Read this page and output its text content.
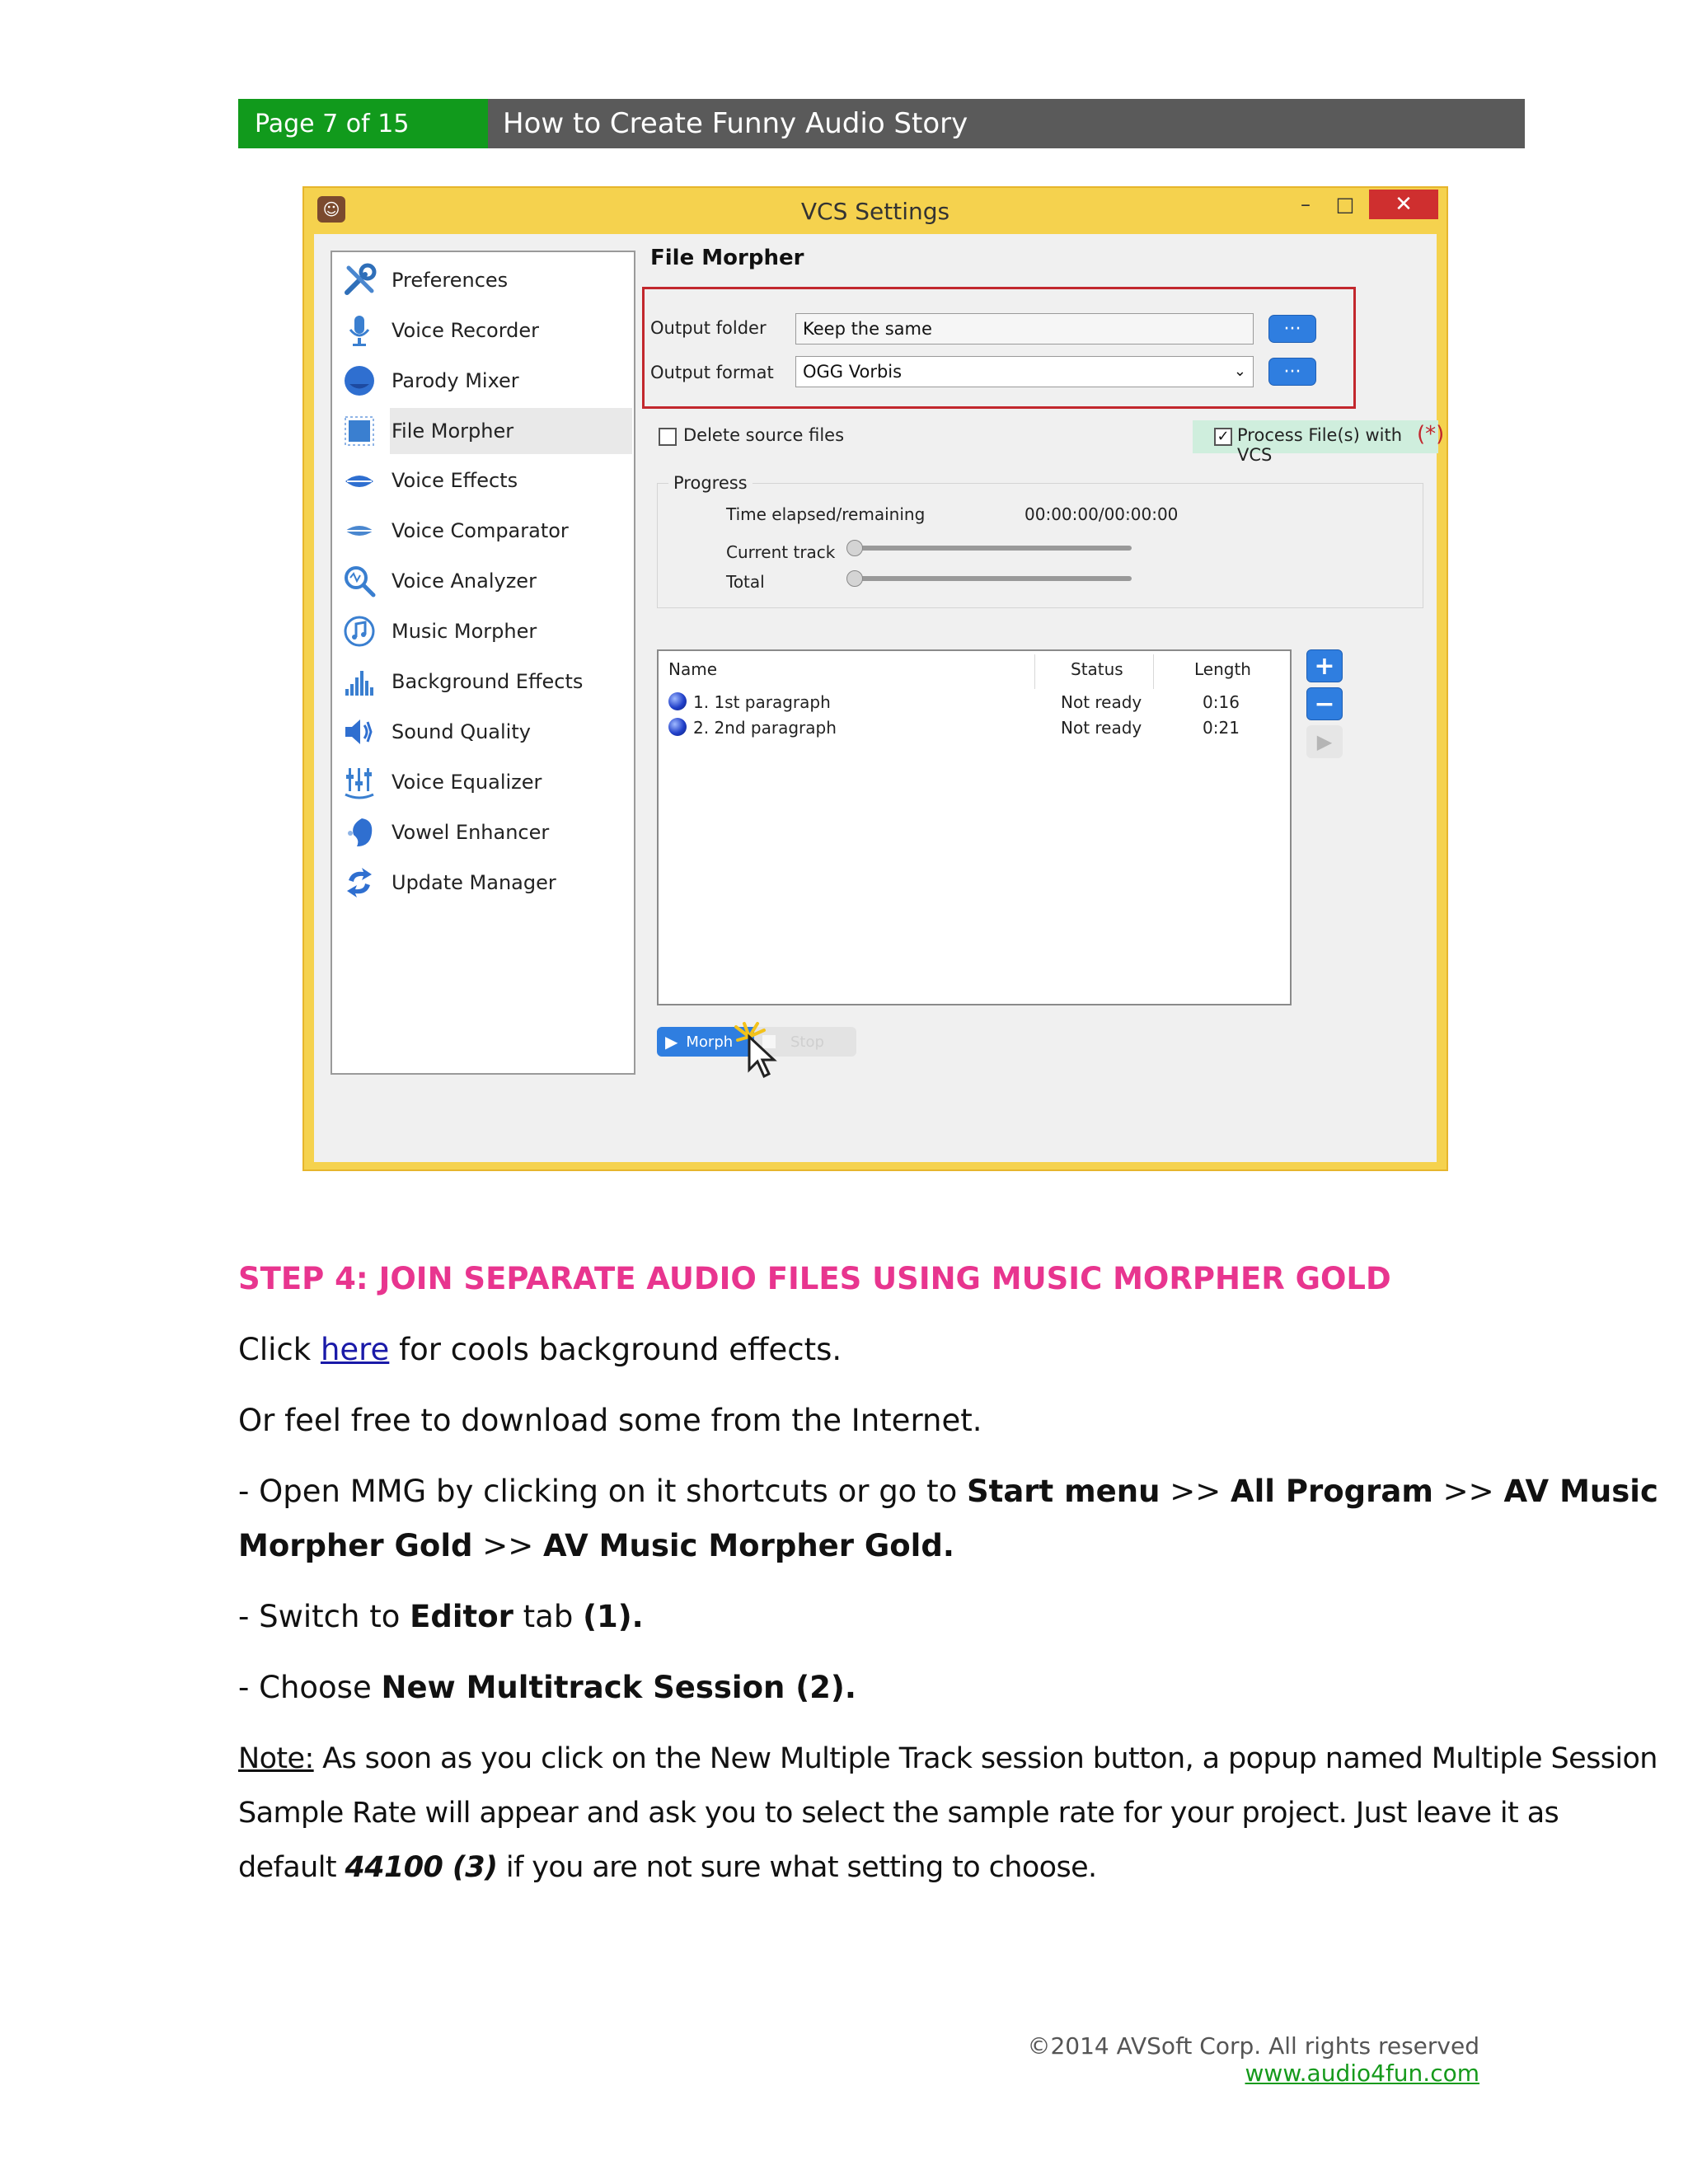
Page 7 of 15	How to Create Funny Audio Story
☺	VCS Settings	–	□	✕
Preferences
Voice Recorder
Parody Mixer
File Morpher
Voice Effects
Voice Comparator
Voice Analyzer
Music Morpher
Background Effects
Sound Quality
Voice Equalizer
Vowel Enhancer
Update Manager
File Morpher
Output folder	Keep the same	···
Output format OGG Vorbis	⌄	···
Delete source files	✓ Process File(s) with VCS
(*)
Progress
Time elapsed/remaining	00:00:00/00:00:00
Current track
Total
Name	Status	Length
1. 1st paragraph	Not ready	0:16
2. 2nd paragraph	Not ready	0:21
+
−
▶
▶ Morph	Stop
STEP 4: JOIN SEPARATE AUDIO FILES USING MUSIC MORPHER GOLD
Click here for cools background effects.
Or feel free to download some from the Internet.
- Open MMG by clicking on it shortcuts or go to Start menu >> All Program >> AV Music
Morpher Gold >> AV Music Morpher Gold.
- Switch to Editor tab (1).
- Choose New Multitrack Session (2).
Note: As soon as you click on the New Multiple Track session button, a popup named Multiple Session
Sample Rate will appear and ask you to select the sample rate for your project. Just leave it as
default 44100 (3) if you are not sure what setting to choose.
©2014 AVSoft Corp. All rights reserved
www.audio4fun.com
